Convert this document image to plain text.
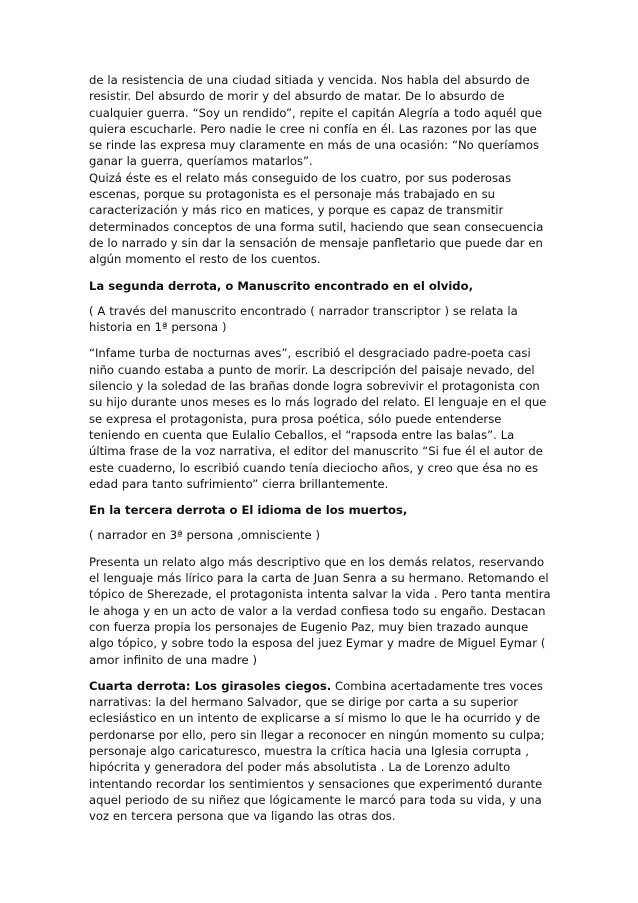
de la resistencia de una ciudad sitiada y vencida. Nos habla del absurdo de resistir. Del absurdo de morir y del absurdo de matar. De lo absurdo de cualquier guerra. “Soy un rendido”, repite el capitán Alegría a todo aquél que quiera escucharle. Pero nadie le cree ni confía en él. Las razones por las que se rinde las expresa muy claramente en más de una ocasión: “No queríamos ganar la guerra, queríamos matarlos”.

Quizá éste es el relato más conseguido de los cuatro, por sus poderosas escenas, porque su protagonista es el personaje más trabajado en su caracterización y más rico en matices, y porque es capaz de transmitir determinados conceptos de una forma sutil, haciendo que sean consecuencia de lo narrado y sin dar la sensación de mensaje panfletario que puede dar en algún momento el resto de los cuentos.

La segunda derrota, o Manuscrito encontrado en el olvido,

( A través del manuscrito encontrado ( narrador transcriptor ) se relata la historia en 1ª persona )

“Infame turba de nocturnas aves”, escribió el desgraciado padre-poeta casi niño cuando estaba a punto de morir. La descripción del paisaje nevado, del silencio y la soledad de las brañas donde logra sobrevivir el protagonista con su hijo durante unos meses es lo más logrado del relato. El lenguaje en el que se expresa el protagonista, pura prosa poética, sólo puede entenderse teniendo en cuenta que Eulalio Ceballos, el “rapsoda entre las balas”. La última frase de la voz narrativa, el editor del manuscrito “Si fue él el autor de este cuaderno, lo escribió cuando tenía dieciocho años, y creo que ésa no es edad para tanto sufrimiento” cierra brillantemente.

En la tercera derrota o El idioma de los muertos,

( narrador en 3ª persona ,omnisciente )

Presenta un relato algo más descriptivo que en los demás relatos, reservando el lenguaje más lírico para la carta de Juan Senra a su hermano. Retomando el tópico de Sherezade, el protagonista intenta salvar la vida . Pero tanta mentira le ahoga y en un acto de valor a la verdad confiesa todo su engaño. Destacan con fuerza propia los personajes de Eugenio Paz, muy bien trazado aunque algo tópico, y sobre todo la esposa del juez Eymar y madre de Miguel Eymar ( amor infinito de una madre )

Cuarta derrota: Los girasoles ciegos. Combina acertadamente tres voces narrativas: la del hermano Salvador, que se dirige por carta a su superior eclesiástico en un intento de explicarse a sí mismo lo que le ha ocurrido y de perdonarse por ello, pero sin llegar a reconocer en ningún momento su culpa; personaje algo caricaturesco, muestra la crítica hacia una Iglesia corrupta , hipócrita y generadora del poder más absolutista . La de Lorenzo adulto intentando recordar los sentimientos y sensaciones que experimentó durante aquel periodo de su niñez que lógicamente le marcó para toda su vida, y una voz en tercera persona que va ligando las otras dos.
